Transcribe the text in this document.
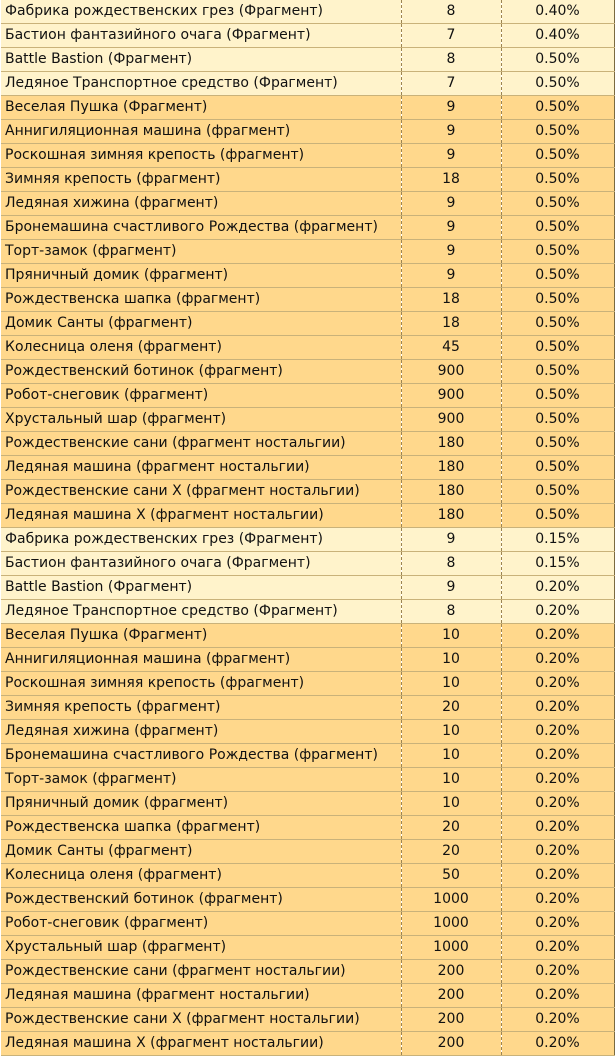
Фабрика рождественских грез (Фрагмент)	8	0.40%
Бастион фантазийного очага (Фрагмент)	7	0.40%
Battle Bastion (Фрагмент)	8	0.50%
Ледяное Транспортное средство (Фрагмент)	7	0.50%
Веселая Пушка (Фрагмент)	9	0.50%
Аннигиляционная машина (фрагмент)	9	0.50%
Роскошная зимняя крепость (фрагмент)	9	0.50%
Зимняя крепость (фрагмент)	18	0.50%
Ледяная хижина (фрагмент)	9	0.50%
Бронемашина счастливого Рождества (фрагмент)	9	0.50%
Торт-замок (фрагмент)	9	0.50%
Пряничный домик (фрагмент)	9	0.50%
Рождественска шапка (фрагмент)	18	0.50%
Домик Санты (фрагмент)	18	0.50%
Колесница оленя (фрагмент)	45	0.50%
Рождественский ботинок (фрагмент)	900	0.50%
Робот-снеговик (фрагмент)	900	0.50%
Хрустальный шар (фрагмент)	900	0.50%
Рождественские сани (фрагмент ностальгии)	180	0.50%
Ледяная машина (фрагмент ностальгии)	180	0.50%
Рождественские сани X (фрагмент ностальгии)	180	0.50%
Ледяная машина X (фрагмент ностальгии)	180	0.50%
Фабрика рождественских грез (Фрагмент)	9	0.15%
Бастион фантазийного очага (Фрагмент)	8	0.15%
Battle Bastion (Фрагмент)	9	0.20%
Ледяное Транспортное средство (Фрагмент)	8	0.20%
Веселая Пушка (Фрагмент)	10	0.20%
Аннигиляционная машина (фрагмент)	10	0.20%
Роскошная зимняя крепость (фрагмент)	10	0.20%
Зимняя крепость (фрагмент)	20	0.20%
Ледяная хижина (фрагмент)	10	0.20%
Бронемашина счастливого Рождества (фрагмент)	10	0.20%
Торт-замок (фрагмент)	10	0.20%
Пряничный домик (фрагмент)	10	0.20%
Рождественска шапка (фрагмент)	20	0.20%
Домик Санты (фрагмент)	20	0.20%
Колесница оленя (фрагмент)	50	0.20%
Рождественский ботинок (фрагмент)	1000	0.20%
Робот-снеговик (фрагмент)	1000	0.20%
Хрустальный шар (фрагмент)	1000	0.20%
Рождественские сани (фрагмент ностальгии)	200	0.20%
Ледяная машина (фрагмент ностальгии)	200	0.20%
Рождественские сани X (фрагмент ностальгии)	200	0.20%
Ледяная машина X (фрагмент ностальгии)	200	0.20%
